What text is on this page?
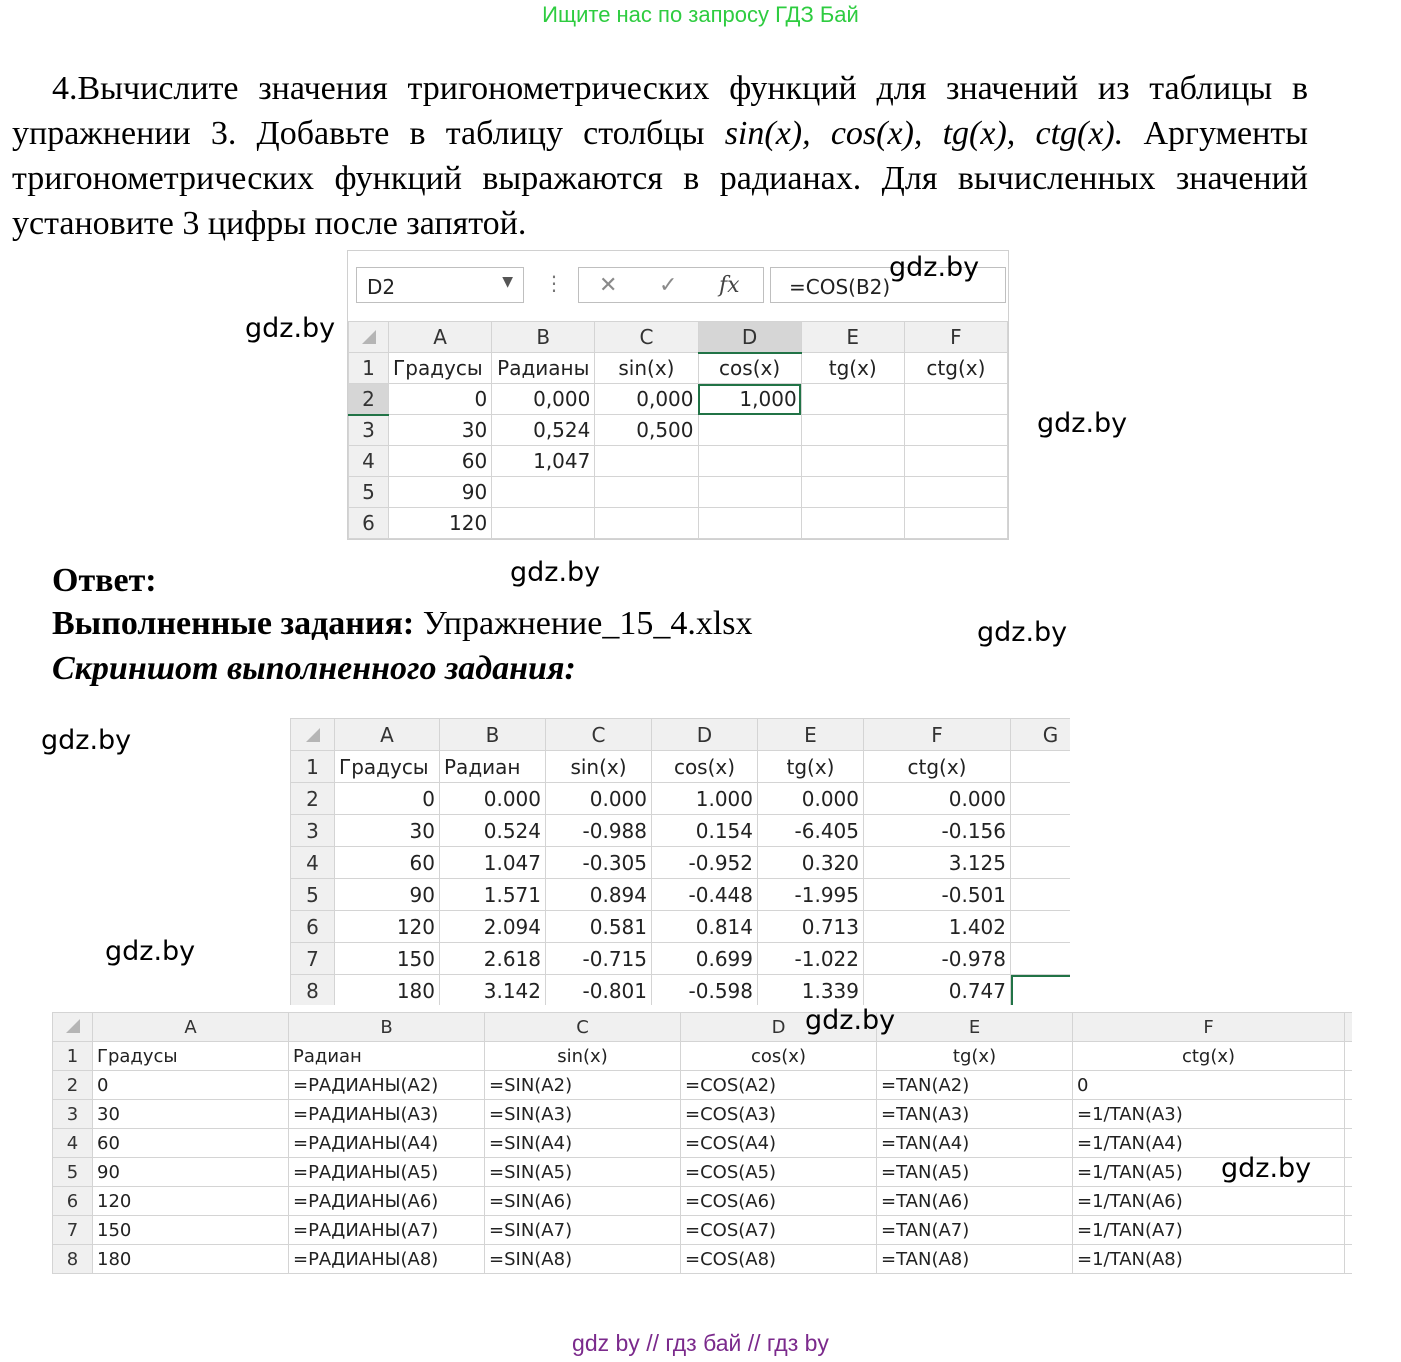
Ищите нас по запросу ГДЗ Бай
4.Вычислите значения тригонометрических функций для значений из таблицы в упражнении 3. Добавьте в таблицу столбцы sin(x), cos(x), tg(x), ctg(x). Аргументы тригонометрических функций выражаются в радианах. Для вычисленных значений установите 3 цифры после запятой.
D2	▼ ⋮ ✕ ✓ fx =COS(B2)
	A	B	C	D	E	F
1	Градусы	Радианы	sin(x)	cos(x)	tg(x)	ctg(x)
2	0	0,000	0,000	1,000		
3	30	0,524	0,500			
4	60	1,047				
5	90					
6	120					
gdz.by
gdz.by
gdz.by
Ответ:	gdz.by
Выполненные задания: Упражнение_15_4.xlsx	gdz.by
Скриншот выполненного задания:
	A	B	C	D	E	F	G
1	Градусы	Радиан	sin(x)	cos(x)	tg(x)	ctg(x)	
2	0	0.000	0.000	1.000	0.000	0.000	
3	30	0.524	-0.988	0.154	-6.405	-0.156	
4	60	1.047	-0.305	-0.952	0.320	3.125	
5	90	1.571	0.894	-0.448	-1.995	-0.501	
6	120	2.094	0.581	0.814	0.713	1.402	
7	150	2.618	-0.715	0.699	-1.022	-0.978	
8	180	3.142	-0.801	-0.598	1.339	0.747	
gdz.by
gdz.by
	A	B	C	D	E	F	
1	Градусы	Радиан	sin(x)	cos(x)	tg(x)	ctg(x)	
2	0	=РАДИАНЫ(A2)	=SIN(A2)	=COS(A2)	=TAN(A2)	0	
3	30	=РАДИАНЫ(A3)	=SIN(A3)	=COS(A3)	=TAN(A3)	=1/TAN(A3)	
4	60	=РАДИАНЫ(A4)	=SIN(A4)	=COS(A4)	=TAN(A4)	=1/TAN(A4)	
5	90	=РАДИАНЫ(A5)	=SIN(A5)	=COS(A5)	=TAN(A5)	=1/TAN(A5)	
6	120	=РАДИАНЫ(A6)	=SIN(A6)	=COS(A6)	=TAN(A6)	=1/TAN(A6)	
7	150	=РАДИАНЫ(A7)	=SIN(A7)	=COS(A7)	=TAN(A7)	=1/TAN(A7)	
8	180	=РАДИАНЫ(A8)	=SIN(A8)	=COS(A8)	=TAN(A8)	=1/TAN(A8)	
gdz.by
gdz.by
gdz by // гдз бай // гдз by
